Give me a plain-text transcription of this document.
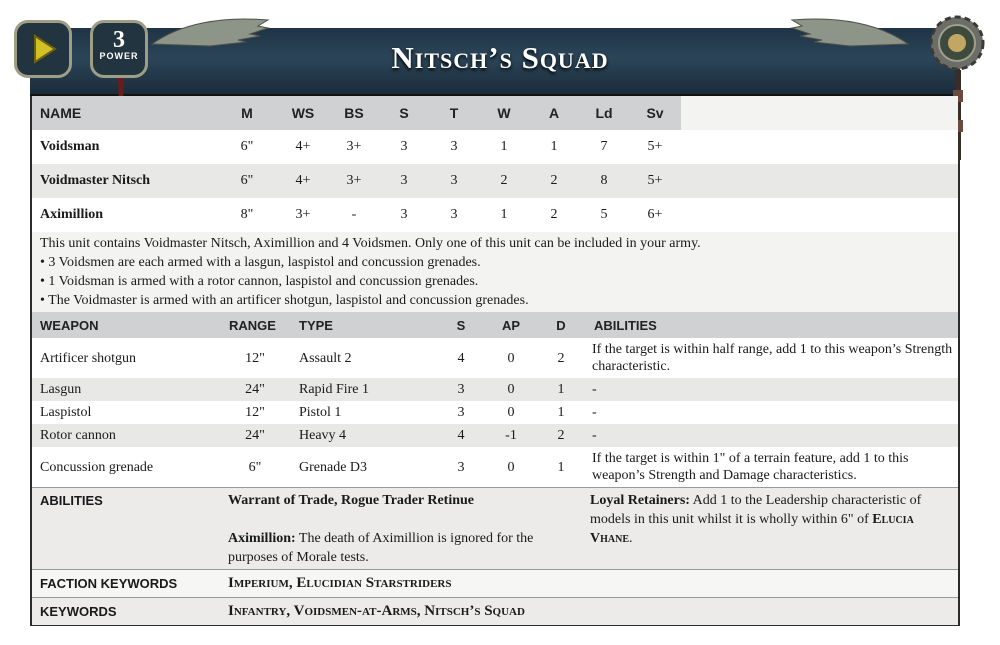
3
POWER	Nitsch’s Squad
NAME	M	WS	BS	S	T	W	A	Ld	Sv	
Voidsman	6"	4+	3+	3	3	1	1	7	5+	
Voidmaster Nitsch	6"	4+	3+	3	3	2	2	8	5+	
Aximillion	8"	3+	-	3	3	1	2	5	6+	

This unit contains Voidmaster Nitsch, Aximillion and 4 Voidsmen. Only one of this unit can be included in your army.

• 3 Voidsmen are each armed with a lasgun, laspistol and concussion grenades.

• 1 Voidsman is armed with a rotor cannon, laspistol and concussion grenades.

• The Voidmaster is armed with an artificer shotgun, laspistol and concussion grenades.

WEAPON	RANGE	TYPE	S	AP	D	ABILITIES
Artificer shotgun	12"	Assault 2	4	0	2	If the target is within half range, add 1 to this weapon’s Strength characteristic.
Lasgun	24"	Rapid Fire 1	3	0	1	-
Laspistol	12"	Pistol 1	3	0	1	-
Rotor cannon	24"	Heavy 4	4	-1	2	-
Concussion grenade	6"	Grenade D3	3	0	1	If the target is within 1" of a terrain feature, add 1 to this weapon’s Strength and Damage characteristics.
ABILITIES	Warrant of Trade, Rogue Trader Retinue
Aximillion: The death of Aximillion is ignored for the purposes of Morale tests.
Loyal Retainers: Add 1 to the Leadership characteristic of models in this unit whilst it is wholly within 6" of Elucia Vhane.
FACTION KEYWORDS	Imperium, Elucidian Starstriders
KEYWORDS	Infantry, Voidsmen-at-Arms, Nitsch’s Squad
